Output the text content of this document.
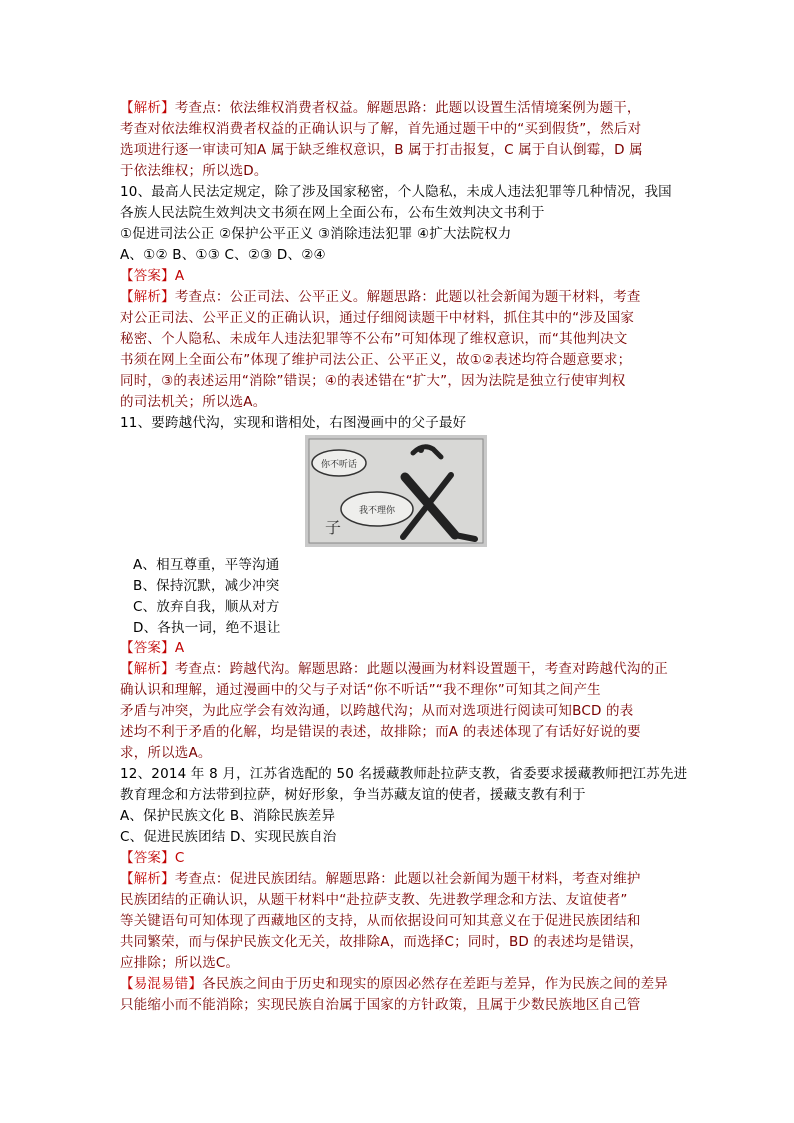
【解析】考查点：依法维权消费者权益。解题思路：此题以设置生活情境案例为题干，
考查对依法维权消费者权益的正确认识与了解，首先通过题干中的“买到假货”，然后对
选项进行逐一审读可知A 属于缺乏维权意识，B 属于打击报复，C 属于自认倒霉，D 属
于依法维权；所以选D。
10、最高人民法定规定，除了涉及国家秘密，个人隐私，未成人违法犯罪等几种情况，我国
各族人民法院生效判决文书须在网上全面公布，公布生效判决文书利于
①促进司法公正 ②保护公平正义 ③消除违法犯罪 ④扩大法院权力
A、①② B、①③ C、②③ D、②④
【答案】A
【解析】考查点：公正司法、公平正义。解题思路：此题以社会新闻为题干材料，考查
对公正司法、公平正义的正确认识，通过仔细阅读题干中材料，抓住其中的“涉及国家
秘密、个人隐私、未成年人违法犯罪等不公布”可知体现了维权意识，而“其他判决文
书须在网上全面公布”体现了维护司法公正、公平正义，故①②表述均符合题意要求；
同时，③的表述运用“消除”错误；④的表述错在“扩大”，因为法院是独立行使审判权
的司法机关；所以选A。
11、要跨越代沟，实现和谐相处，右图漫画中的父子最好
你不听话
我不理你
子
A、相互尊重，平等沟通
B、保持沉默，减少冲突
C、放弃自我，顺从对方
D、各执一词，绝不退让
【答案】A
【解析】考查点：跨越代沟。解题思路：此题以漫画为材料设置题干，考查对跨越代沟的正
确认识和理解，通过漫画中的父与子对话“你不听话”“我不理你”可知其之间产生
矛盾与冲突，为此应学会有效沟通，以跨越代沟；从而对选项进行阅读可知BCD 的表
述均不利于矛盾的化解，均是错误的表述，故排除；而A 的表述体现了有话好好说的要
求，所以选A。
12、2014 年 8 月，江苏省选配的 50 名援藏教师赴拉萨支教，省委要求援藏教师把江苏先进
教育理念和方法带到拉萨，树好形象，争当苏藏友谊的使者，援藏支教有利于
A、保护民族文化 B、消除民族差异
C、促进民族团结 D、实现民族自治
【答案】C
【解析】考查点：促进民族团结。解题思路：此题以社会新闻为题干材料，考查对维护
民族团结的正确认识，从题干材料中“赴拉萨支教、先进教学理念和方法、友谊使者”
等关键语句可知体现了西藏地区的支持，从而依据设问可知其意义在于促进民族团结和
共同繁荣，而与保护民族文化无关，故排除A，而选择C；同时，BD 的表述均是错误，
应排除；所以选C。
【易混易错】各民族之间由于历史和现实的原因必然存在差距与差异，作为民族之间的差异
只能缩小而不能消除；实现民族自治属于国家的方针政策，且属于少数民族地区自己管
